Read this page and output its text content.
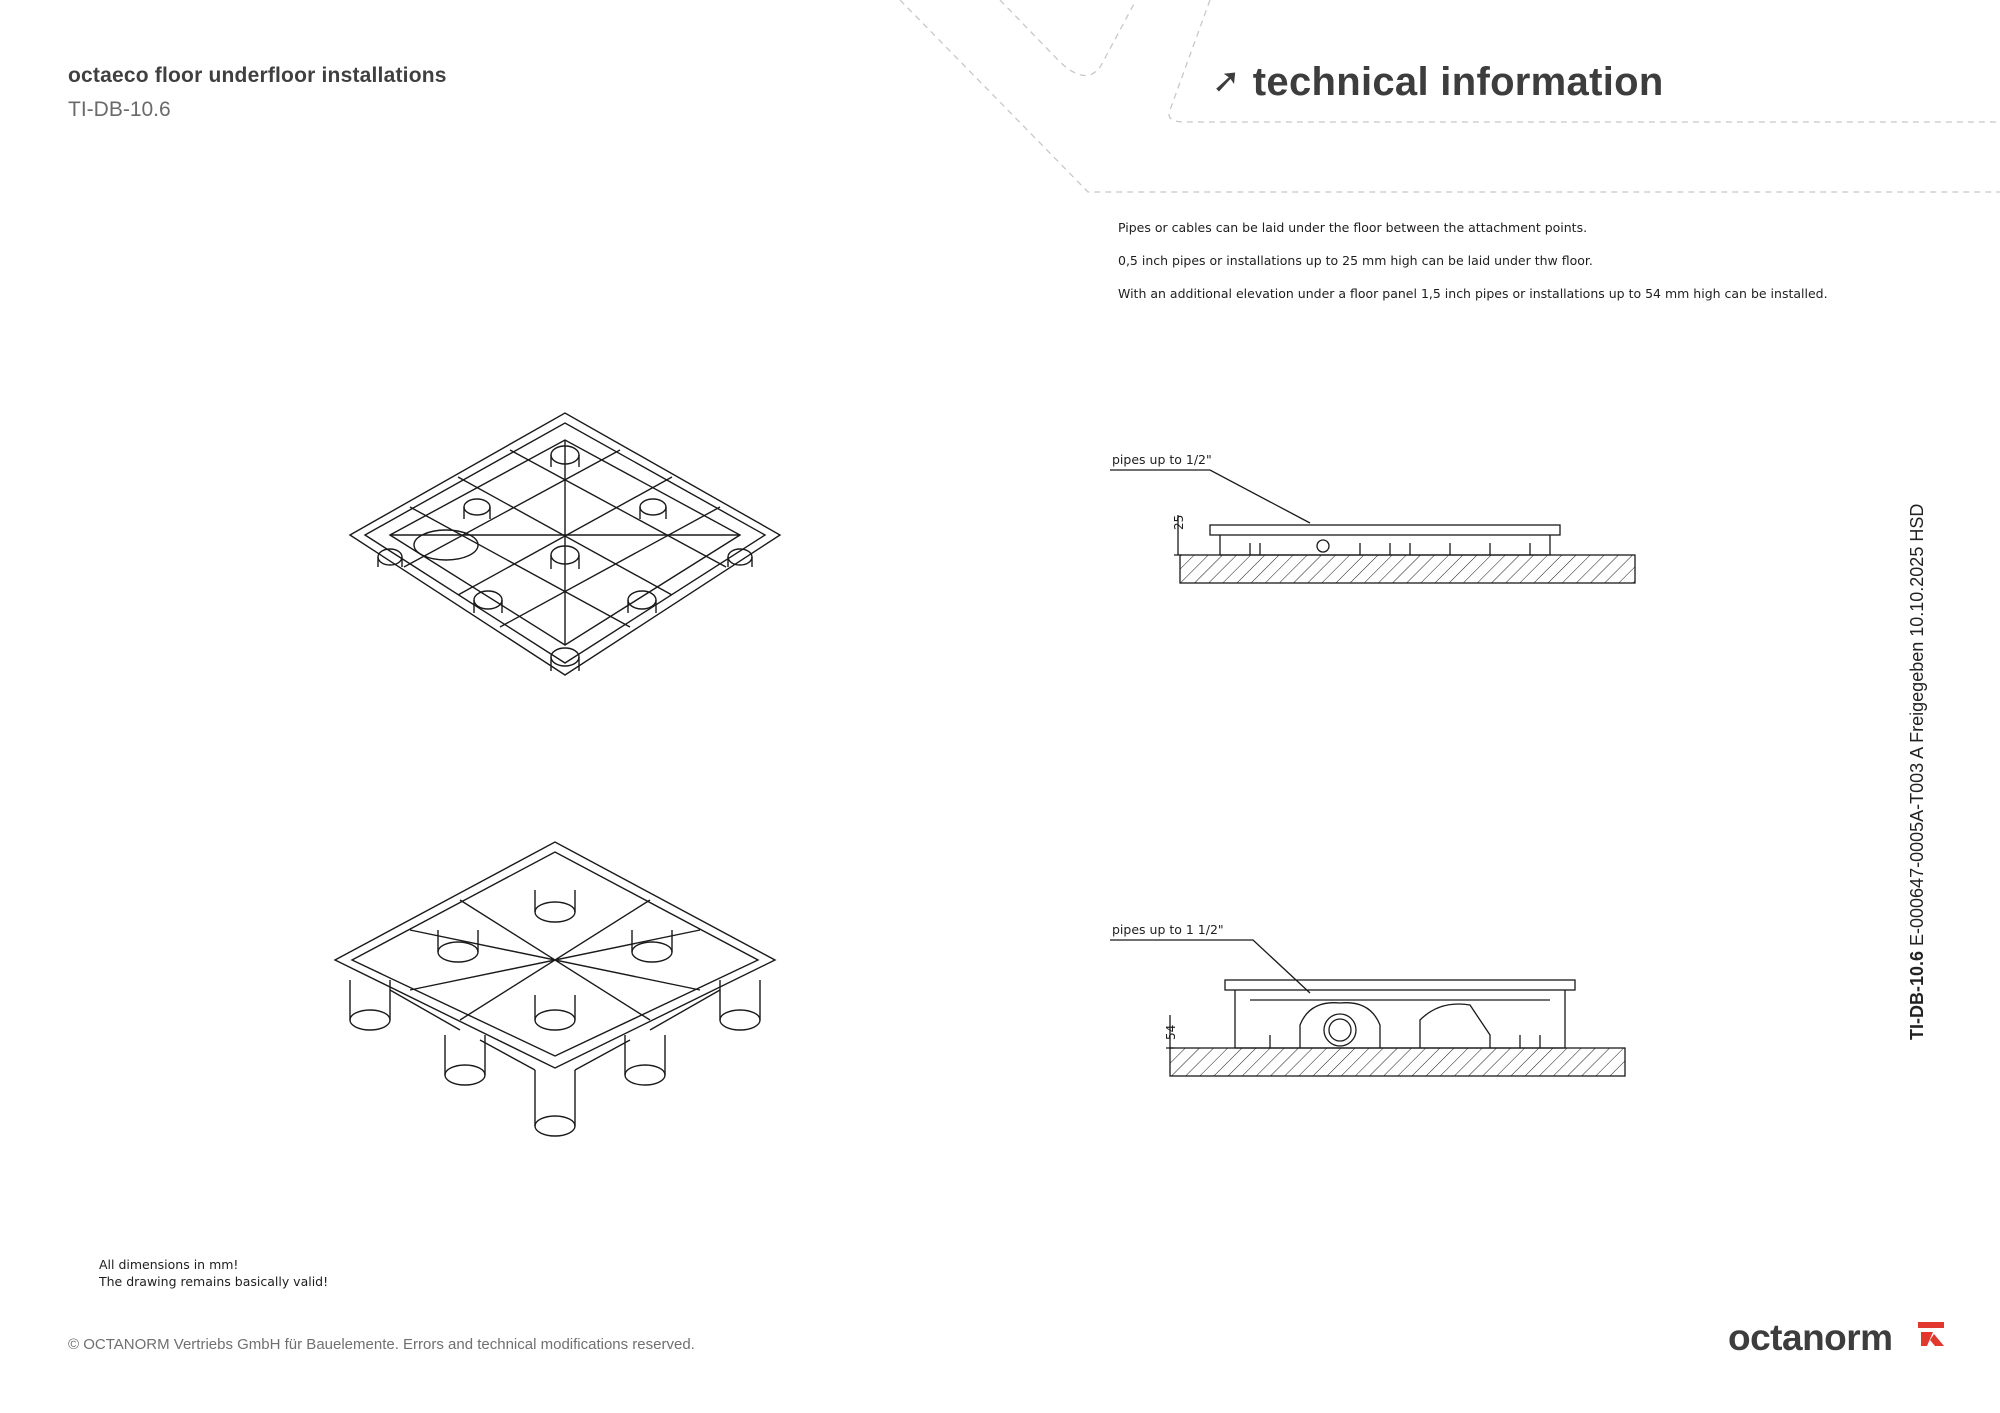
octaeco floor underfloor installations
TI-DB-10.6
➚ technical information
Pipes or cables can be laid under the floor between the attachment points.
0,5 inch pipes or installations up to 25 mm high can be laid under thw floor.
With an additional elevation under a floor panel 1,5 inch pipes or installations up to 54 mm high can be installed.
pipes up to 1/2"
25
pipes up to 1 1/2"
54
All dimensions in mm!
The drawing remains basically valid!
© OCTANORM Vertriebs GmbH für Bauelemente. Errors and technical modifications reserved.
TI-DB-10.6 E-000647-0005A-T003 A Freigegeben 10.10.2025 HSD
octanorm
